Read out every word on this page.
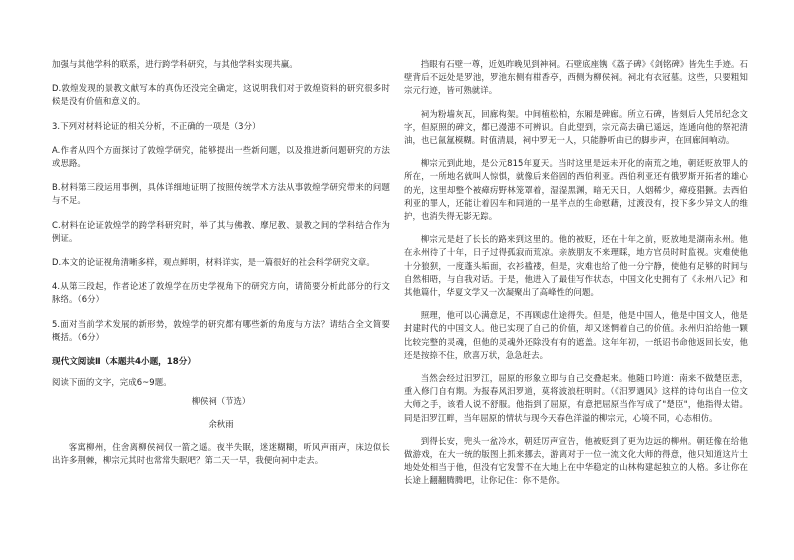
加强与其他学科的联系，进行跨学科研究，与其他学科实现共赢。

D.敦煌发现的景教文献写本的真伪还没完全确定，这说明我们对于敦煌资料的研究很多时候是没有价值和意义的。

3.下列对材料论证的相关分析，不正确的一项是（3分）

A.作者从四个方面探讨了敦煌学研究，能够提出一些新问题，以及推进新问题研究的方法或思路。

B.材料第三段运用事例，具体详细地证明了按照传统学术方法从事敦煌学研究带来的问题与不足。

C.材料在论证敦煌学的跨学科研究时，举了其与佛教、摩尼教、景教之间的学科结合作为例证。

D.本文的论证视角清晰多样，观点鲜明，材料详实，是一篇很好的社会科学研究文章。

4.从第三段起，作者论述了敦煌学在历史学视角下的研究方向，请简要分析此部分的行文脉络。（6分）

5.面对当前学术发展的新形势，敦煌学的研究都有哪些新的角度与方法？请结合全文简要概括。（6分）

现代文阅读Ⅱ（本题共4小题，18分）

阅读下面的文字，完成6~9题。

柳侯祠（节选）
余秋雨

客寓柳州，住舍离柳侯祠仅一箭之遥。夜半失眠，迷迷糊糊，听风声雨声，床边似长出许多荆棘，柳宗元其时也常常失眠吧？第二天一早，我便向祠中走去。

挡眼有石壁一尊，近処昨晚见到神祠。石壁底座镌《荔子碑》《剑铭碑》皆先生手迹。石壁背后不远处是罗池，罗池东侧有柑香亭，西侧为柳侯祠。祠北有衣冠墓。这些，只要粗知宗元行迹，皆可熟就详。

祠为粉墙灰瓦，回廊构架。中间植松柏，东厢是碑廊。所立石碑，皆刻后人凭吊纪念文字，但原照的碑文，都已漫漶不可辨识。自此望到，宗元高去确已遥远，连通向他的祭祀清油，也已氤氲模糊。时值清晨，祠中罗无一人，只能静听由已的脚步声，在回廊间响动。

柳宗元到此地，是公元815年夏天。当时这里是远未开化的南荒之地，朝廷贬放罪人的所在，一所地名就叫人惊惧，就像后来俗固的西伯利亚。西伯利亚还有俄罗斯开拓者的雄心的光，这里却整个被瘴疠野林笼罩着，湿湿黑渊，暗无天日，人烟稀少，瘴疫猖獗。去西伯利亚的罪人，还能让着囚车和同道的一星半点的生命慰藉，过渡没有，投下多少异文人的维护，也消失得无影无踪。

柳宗元是赶了长长的路来到这里的。他的被贬，还在十年之前，贬放地是湖南永州。他在永州待了十年，日子过得孤寂而荒凉。亲族朋友不来理睬，地方官员时时监视。灾难使他十分狼狈，一度蓬头垢面，衣衫褴褛，但是，灾难也给了他一分宁静，使他有足够的时间与自然相晤，与自我对话。于是，他进入了最佳写作状态，中国文化史拥有了《永州八记》和其他篇什，华夏文学又一次凝聚出了高峰性的问题。

照理，他可以心满意足，不再顾虑仕途得失。但是，他是中国人，他是中国文人，他是封建时代的中国文人。他已实现了自己的价值，却又迷惘着自己的价值。永州归泊给他一颗比较完整的灵魂，但他的灵魂外还除没有有的遮盖。这年年初，一纸诏书命他返回长安，他还是按捺不住，欣喜万状，急急赶去。

当然会经过汨罗江，屈原的形象立即与自己交叠起来。他随口吟道：南来不做楚臣悲，重入修门自有期。为报春风汨罗道，莫将波浪枉明时。（《汨罗遇风》这样的诗句出自一位文大师之手，该看人说不舒服。他指到了屈原，有意把屈原当作写成了"楚臣"，他指得太错。同是汨罗江畔，当年屈原的情状与现今天春色洋溢的柳宗元，心境不同，心态相仿。

到得长安，兜头一盆冷水，朝廷厉声宣告，他被贬到了更为边远的柳州。朝廷像在给他做游戏，在大一统的版图上抓来挪去，游离对于一位一流文化大师的得意，他只知道这片土地处处相当于他，但没有它发誓不在大地上在中华稳定的山林构建起独立的人格。多让你在长途上翻翻腾腾吧，让你记住：你不是你。
